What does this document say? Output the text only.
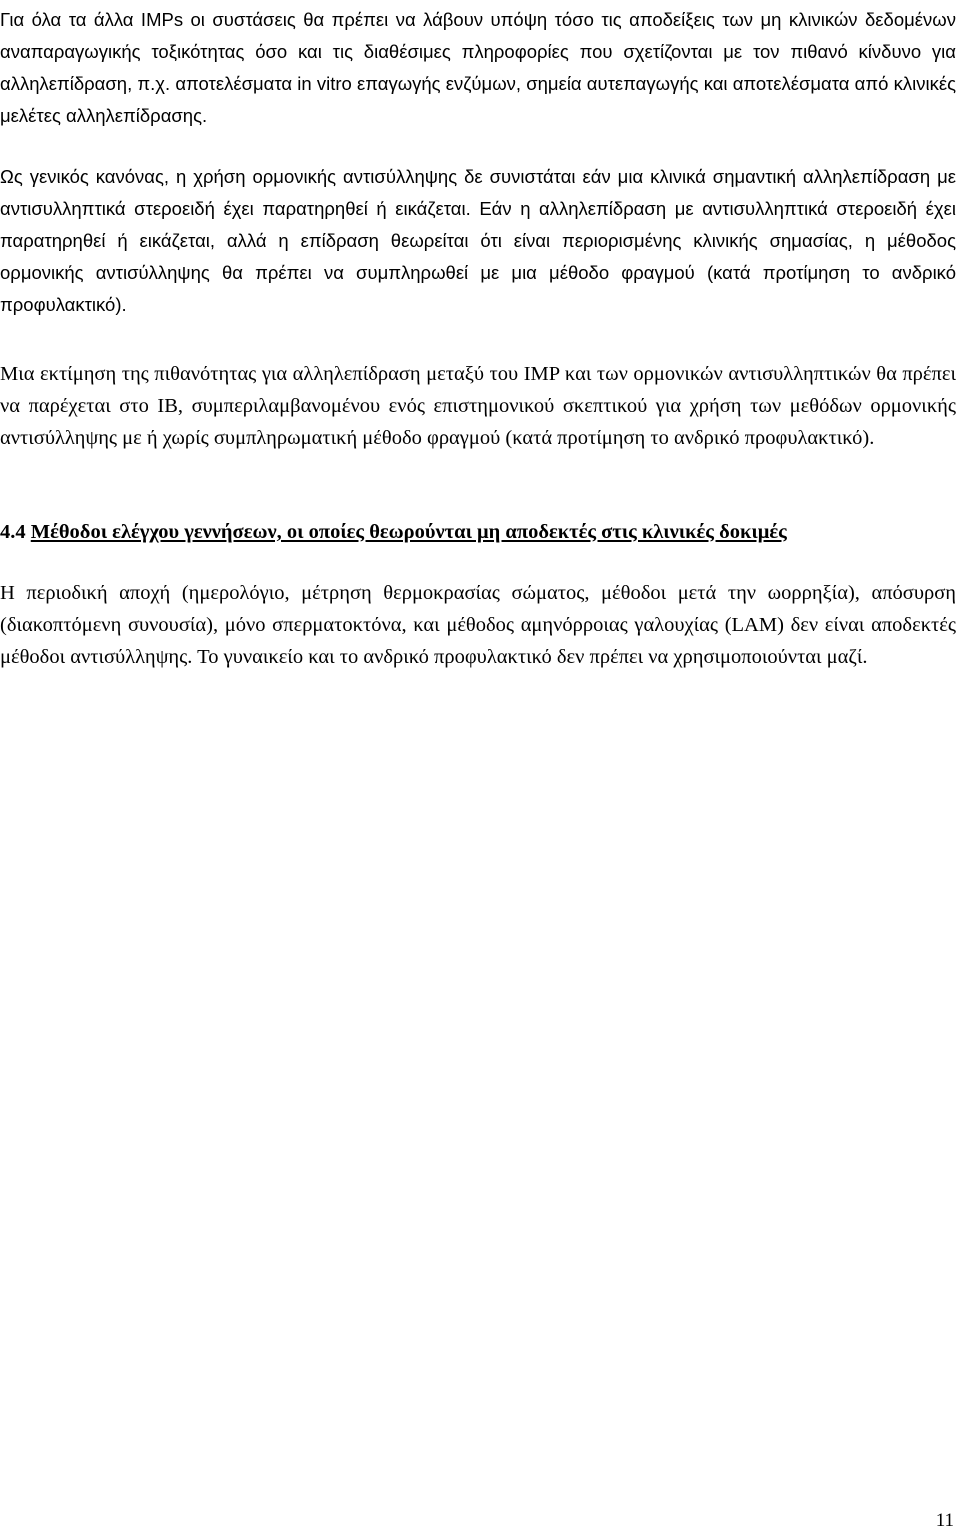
Για όλα τα άλλα IMPs οι συστάσεις θα πρέπει να λάβουν υπόψη τόσο τις αποδείξεις των μη κλινικών δεδομένων αναπαραγωγικής τοξικότητας όσο και τις διαθέσιμες πληροφορίες που σχετίζονται με τον πιθανό κίνδυνο για αλληλεπίδραση, π.χ. αποτελέσματα in vitro επαγωγής ενζύμων, σημεία αυτεπαγωγής και αποτελέσματα από κλινικές μελέτες αλληλεπίδρασης.

Ως γενικός κανόνας, η χρήση ορμονικής αντισύλληψης δε συνιστάται εάν μια κλινικά σημαντική αλληλεπίδραση με αντισυλληπτικά στεροειδή έχει παρατηρηθεί ή εικάζεται. Εάν η αλληλεπίδραση με αντισυλληπτικά στεροειδή έχει παρατηρηθεί ή εικάζεται, αλλά η επίδραση θεωρείται ότι είναι περιορισμένης κλινικής σημασίας, η μέθοδος ορμονικής αντισύλληψης θα πρέπει να συμπληρωθεί με μια μέθοδο φραγμού (κατά προτίμηση το ανδρικό προφυλακτικό).

Μια εκτίμηση της πιθανότητας για αλληλεπίδραση μεταξύ του IMP και των ορμονικών αντισυλληπτικών θα πρέπει να παρέχεται στο IB, συμπεριλαμβανομένου ενός επιστημονικού σκεπτικού για χρήση των μεθόδων ορμονικής αντισύλληψης με ή χωρίς συμπληρωματική μέθοδο φραγμού (κατά προτίμηση το ανδρικό προφυλακτικό).

4.4 Μέθοδοι ελέγχου γεννήσεων, οι οποίες θεωρούνται μη αποδεκτές στις κλινικές δοκιμές

Η περιοδική αποχή (ημερολόγιο, μέτρηση θερμοκρασίας σώματος, μέθοδοι μετά την ωορρηξία), απόσυρση (διακοπτόμενη συνουσία), μόνο σπερματοκτόνα, και μέθοδος αμηνόρροιας γαλουχίας (LAM) δεν είναι αποδεκτές μέθοδοι αντισύλληψης. Το γυναικείο και το ανδρικό προφυλακτικό δεν πρέπει να χρησιμοποιούνται μαζί.

11
